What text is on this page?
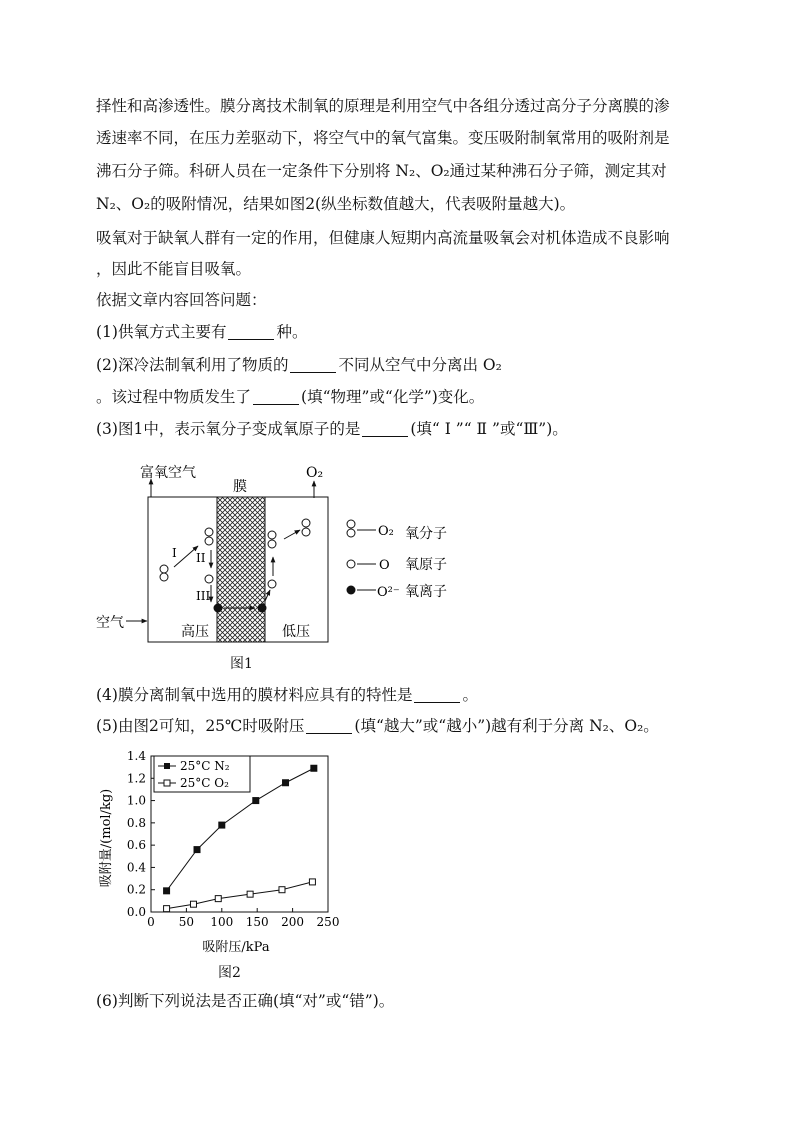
择性和高渗透性。膜分离技术制氧的原理是利用空气中各组分透过高分子分离膜的渗
透速率不同，在压力差驱动下，将空气中的氧气富集。变压吸附制氧常用的吸附剂是
沸石分子筛。科研人员在一定条件下分别将 N₂、O₂通过某种沸石分子筛，测定其对
N₂、O₂的吸附情况，结果如图2(纵坐标数值越大，代表吸附量越大)。
吸氧对于缺氧人群有一定的作用，但健康人短期内高流量吸氧会对机体造成不良影响
，因此不能盲目吸氧。
依据文章内容回答问题：
(1)供氧方式主要有	种。
(2)深冷法制氧利用了物质的	不同从空气中分离出 O₂
。该过程中物质发生了	(填“物理”或“化学”)变化。
(3)图1中，表示氧分子变成氧原子的是	(填“ Ⅰ ”“ Ⅱ ”或“Ⅲ”)。
富氧空气
膜
O₂
空气
高压	低压
I II
III
O₂ 氧分子
O 氧原子
O²⁻ 氧离子
图1
(4)膜分离制氧中选用的膜材料应具有的特性是	。
(5)由图2可知，25℃时吸附压	(填“越大”或“越小”)越有利于分离 N₂、O₂。
0 50 100 150 200 250
0.0
0.2
0.4
0.6
0.8
1.0
1.2
1.4
25°C N₂
25°C O₂
吸附压/kPa
吸附量/(mol/kg)
图2
(6)判断下列说法是否正确(填“对”或“错”)。
